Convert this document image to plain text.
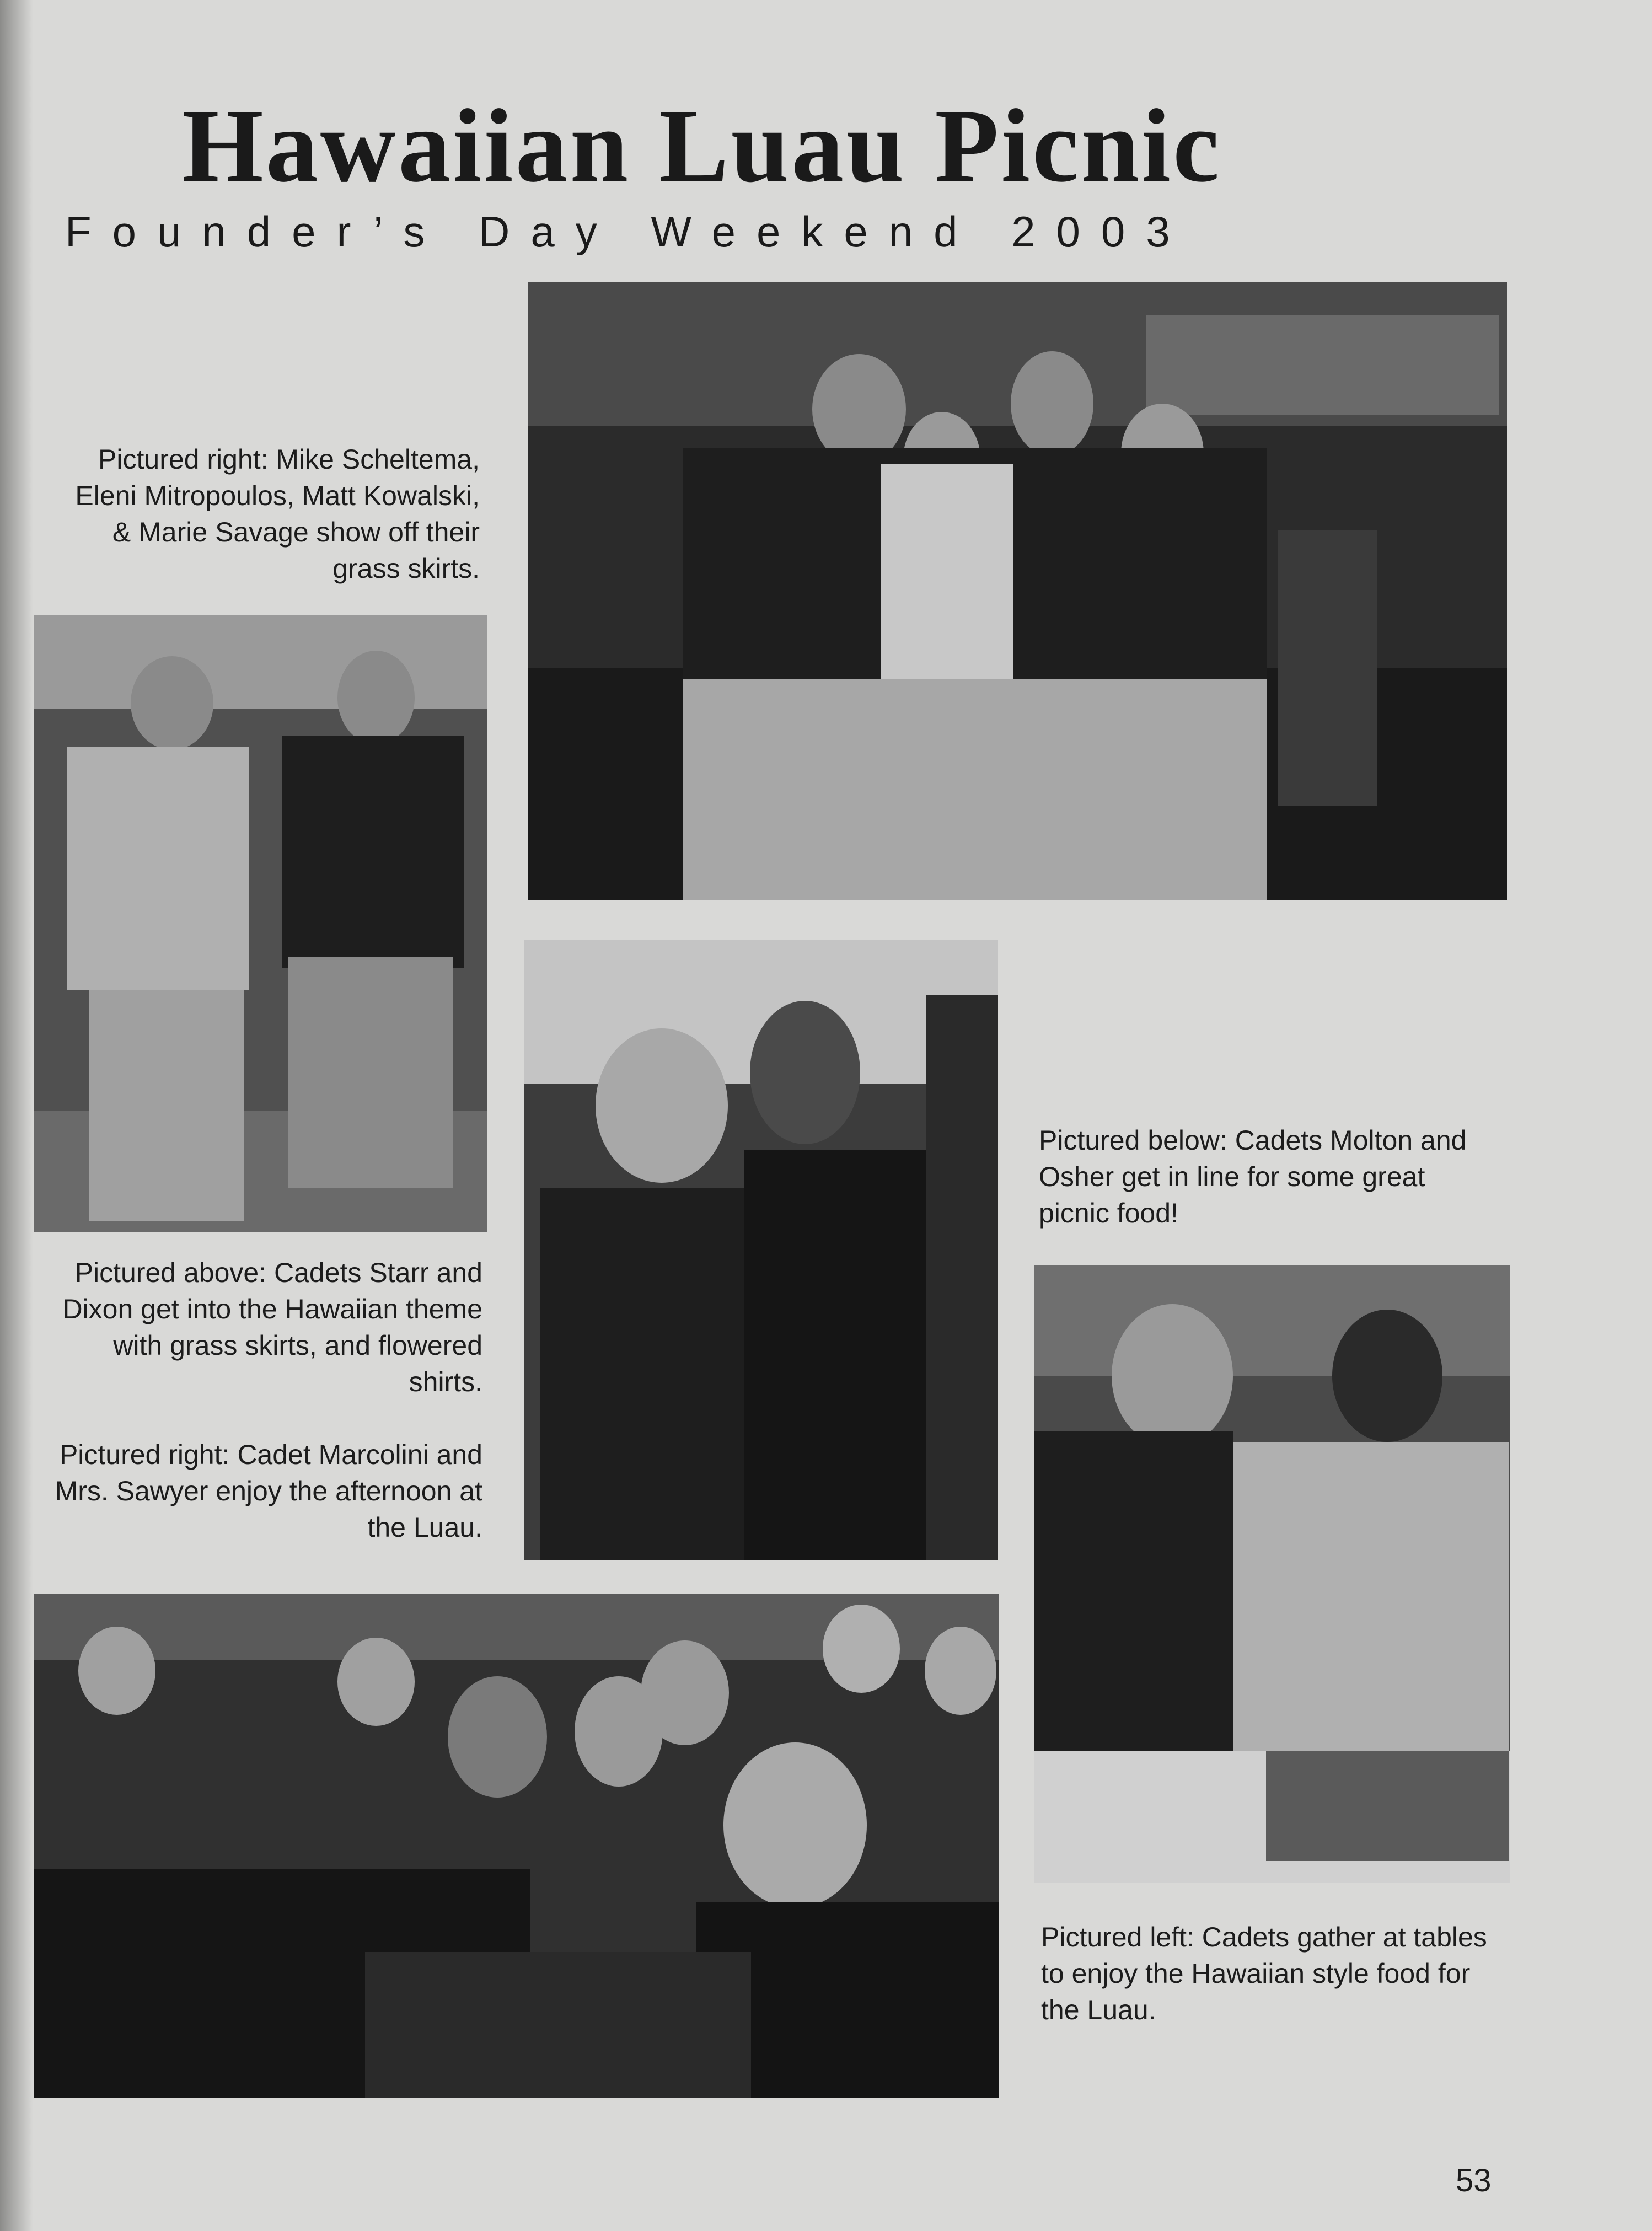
Hawaiian Luau Picnic
Founder’s Day Weekend 2003
Pictured right: Mike Scheltema, Eleni Mitropoulos, Matt Kowalski, & Marie Savage show off their grass skirts.
Pictured above: Cadets Starr and Dixon get into the Hawaiian theme with grass skirts, and flowered shirts.
Pictured right: Cadet Marcolini and Mrs. Sawyer enjoy the afternoon at the Luau.
Pictured below: Cadets Molton and Osher get in line for some great picnic food!
Pictured left: Cadets gather at tables to enjoy the Hawaiian style food for the Luau.
53
